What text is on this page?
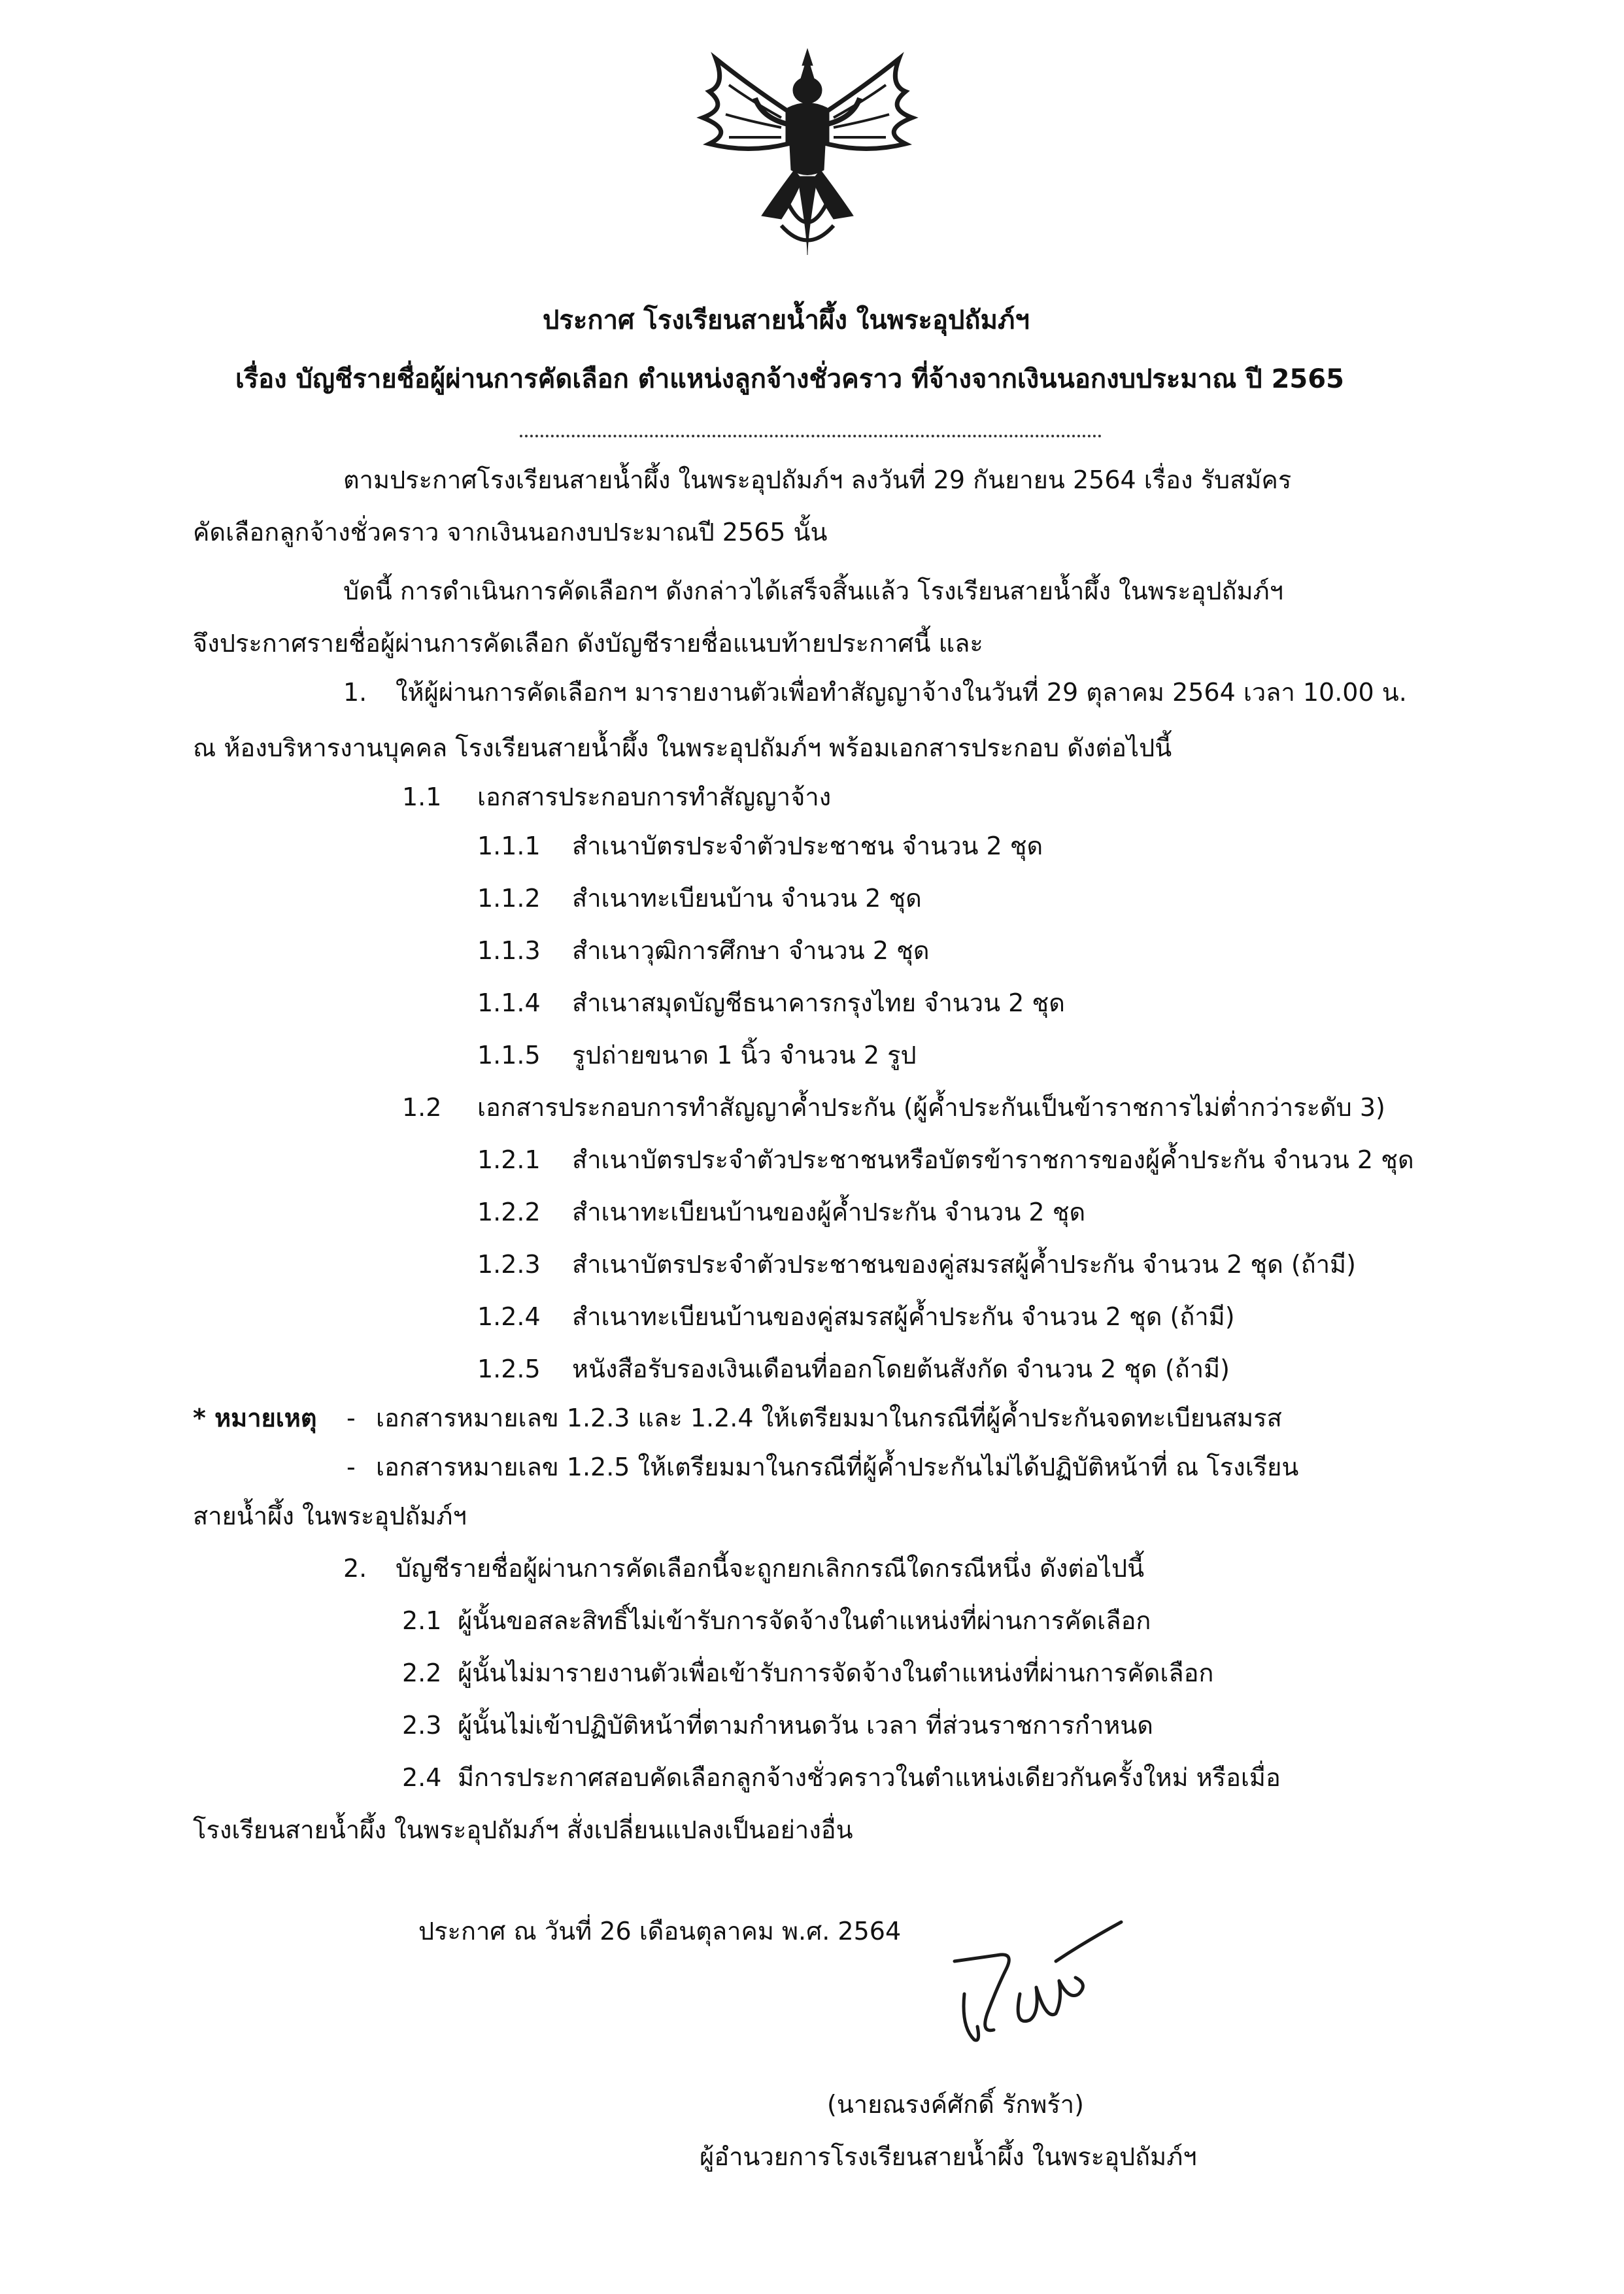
ประกาศ โรงเรียนสายน้ำผึ้ง ในพระอุปถัมภ์ฯ
เรื่อง บัญชีรายชื่อผู้ผ่านการคัดเลือก ตำแหน่งลูกจ้างชั่วคราว ที่จ้างจากเงินนอกงบประมาณ ปี 2565
ตามประกาศโรงเรียนสายน้ำผึ้ง ในพระอุปถัมภ์ฯ ลงวันที่ 29 กันยายน 2564 เรื่อง รับสมัคร
คัดเลือกลูกจ้างชั่วคราว จากเงินนอกงบประมาณปี 2565 นั้น
บัดนี้ การดำเนินการคัดเลือกฯ ดังกล่าวได้เสร็จสิ้นแล้ว โรงเรียนสายน้ำผึ้ง ในพระอุปถัมภ์ฯ
จึงประกาศรายชื่อผู้ผ่านการคัดเลือก ดังบัญชีรายชื่อแนบท้ายประกาศนี้ และ
1. ให้ผู้ผ่านการคัดเลือกฯ มารายงานตัวเพื่อทำสัญญาจ้างในวันที่ 29 ตุลาคม 2564 เวลา 10.00 น.
ณ ห้องบริหารงานบุคคล โรงเรียนสายน้ำผึ้ง ในพระอุปถัมภ์ฯ พร้อมเอกสารประกอบ ดังต่อไปนี้
1.1 เอกสารประกอบการทำสัญญาจ้าง
1.1.1 สำเนาบัตรประจำตัวประชาชน จำนวน 2 ชุด
1.1.2 สำเนาทะเบียนบ้าน จำนวน 2 ชุด
1.1.3 สำเนาวุฒิการศึกษา จำนวน 2 ชุด
1.1.4 สำเนาสมุดบัญชีธนาคารกรุงไทย จำนวน 2 ชุด
1.1.5 รูปถ่ายขนาด 1 นิ้ว จำนวน 2 รูป
1.2 เอกสารประกอบการทำสัญญาค้ำประกัน (ผู้ค้ำประกันเป็นข้าราชการไม่ต่ำกว่าระดับ 3)
1.2.1 สำเนาบัตรประจำตัวประชาชนหรือบัตรข้าราชการของผู้ค้ำประกัน จำนวน 2 ชุด
1.2.2 สำเนาทะเบียนบ้านของผู้ค้ำประกัน จำนวน 2 ชุด
1.2.3 สำเนาบัตรประจำตัวประชาชนของคู่สมรสผู้ค้ำประกัน จำนวน 2 ชุด (ถ้ามี)
1.2.4 สำเนาทะเบียนบ้านของคู่สมรสผู้ค้ำประกัน จำนวน 2 ชุด (ถ้ามี)
1.2.5 หนังสือรับรองเงินเดือนที่ออกโดยต้นสังกัด จำนวน 2 ชุด (ถ้ามี)
* หมายเหตุ - เอกสารหมายเลข 1.2.3 และ 1.2.4 ให้เตรียมมาในกรณีที่ผู้ค้ำประกันจดทะเบียนสมรส
- เอกสารหมายเลข 1.2.5 ให้เตรียมมาในกรณีที่ผู้ค้ำประกันไม่ได้ปฏิบัติหน้าที่ ณ โรงเรียน
สายน้ำผึ้ง ในพระอุปถัมภ์ฯ
2. บัญชีรายชื่อผู้ผ่านการคัดเลือกนี้จะถูกยกเลิกกรณีใดกรณีหนึ่ง ดังต่อไปนี้
2.1 ผู้นั้นขอสละสิทธิ์ไม่เข้ารับการจัดจ้างในตำแหน่งที่ผ่านการคัดเลือก
2.2 ผู้นั้นไม่มารายงานตัวเพื่อเข้ารับการจัดจ้างในตำแหน่งที่ผ่านการคัดเลือก
2.3 ผู้นั้นไม่เข้าปฏิบัติหน้าที่ตามกำหนดวัน เวลา ที่ส่วนราชการกำหนด
2.4 มีการประกาศสอบคัดเลือกลูกจ้างชั่วคราวในตำแหน่งเดียวกันครั้งใหม่ หรือเมื่อ
โรงเรียนสายน้ำผึ้ง ในพระอุปถัมภ์ฯ สั่งเปลี่ยนแปลงเป็นอย่างอื่น
ประกาศ ณ วันที่ 26 เดือนตุลาคม พ.ศ. 2564
(นายณรงค์ศักดิ์ รักพร้า)
ผู้อำนวยการโรงเรียนสายน้ำผึ้ง ในพระอุปถัมภ์ฯ
